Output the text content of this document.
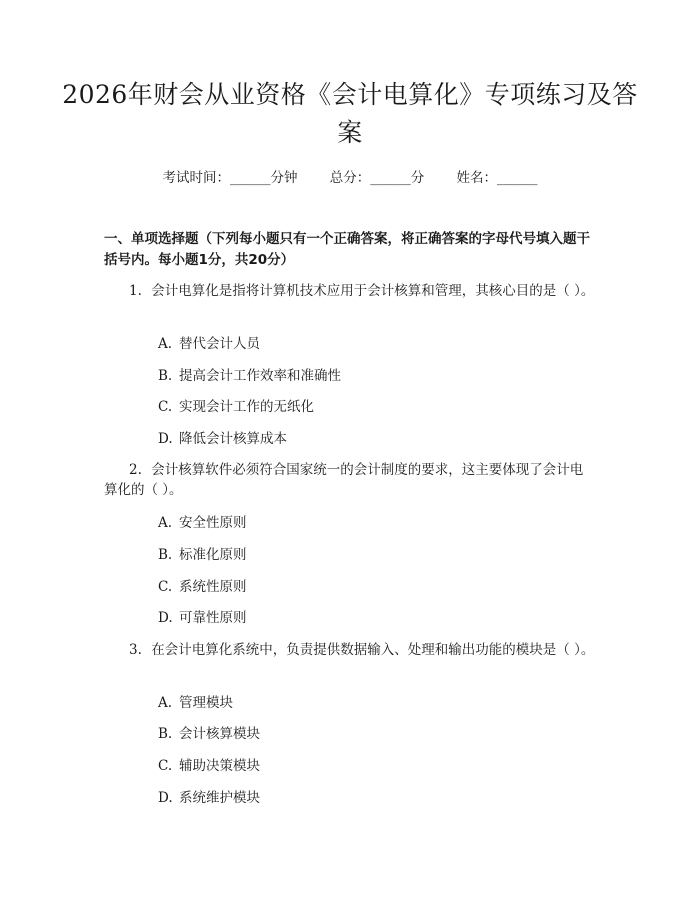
2026年财会从业资格《会计电算化》专项练习及答案
考试时间：______分钟 总分：______分 姓名：______
一、单项选择题（下列每小题只有一个正确答案，将正确答案的字母代号填入题干括号内。每小题1分，共20分）
1. 会计电算化是指将计算机技术应用于会计核算和管理，其核心目的是（ ）。
A. 替代会计人员
B. 提高会计工作效率和准确性
C. 实现会计工作的无纸化
D. 降低会计核算成本
2. 会计核算软件必须符合国家统一的会计制度的要求，这主要体现了会计电算化的（ ）。
A. 安全性原则
B. 标准化原则
C. 系统性原则
D. 可靠性原则
3. 在会计电算化系统中，负责提供数据输入、处理和输出功能的模块是（ ）。
A. 管理模块
B. 会计核算模块
C. 辅助决策模块
D. 系统维护模块
